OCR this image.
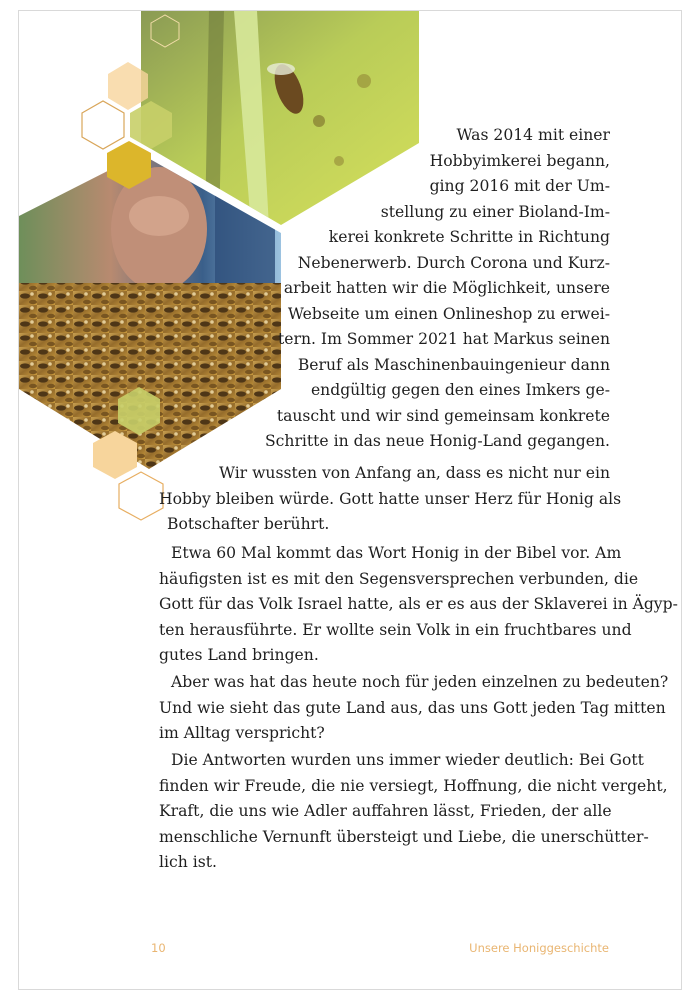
Was 2014 mit einer
Hobbyimkerei begann,
ging 2016 mit der Um-
stellung zu einer Bioland-Im-
kerei konkrete Schritte in Richtung
Nebenerwerb. Durch Corona und Kurz-
arbeit hatten wir die Möglichkeit, unsere
Webseite um einen Onlineshop zu erwei-
tern. Im Sommer 2021 hat Markus seinen
Beruf als Maschinenbauingenieur dann
endgültig gegen den eines Imkers ge-
tauscht und wir sind gemeinsam konkrete
Schritte in das neue Honig-Land gegangen.

Wir wussten von Anfang an, dass es nicht nur ein
Hobby bleiben würde. Gott hatte unser Herz für Honig als
Botschafter berührt.

Etwa 60 Mal kommt das Wort Honig in der Bibel vor. Am
häufigsten ist es mit den Segensversprechen verbunden, die
Gott für das Volk Israel hatte, als er es aus der Sklaverei in Ägyp-
ten herausführte. Er wollte sein Volk in ein fruchtbares und
gutes Land bringen.

Aber was hat das heute noch für jeden einzelnen zu bedeuten?
Und wie sieht das gute Land aus, das uns Gott jeden Tag mitten
im Alltag verspricht?

Die Antworten wurden uns immer wieder deutlich: Bei Gott
finden wir Freude, die nie versiegt, Hoffnung, die nicht vergeht,
Kraft, die uns wie Adler auffahren lässt, Frieden, der alle
menschliche Vernunft übersteigt und Liebe, die unerschütter-
lich ist.

10	Unsere Honiggeschichte
